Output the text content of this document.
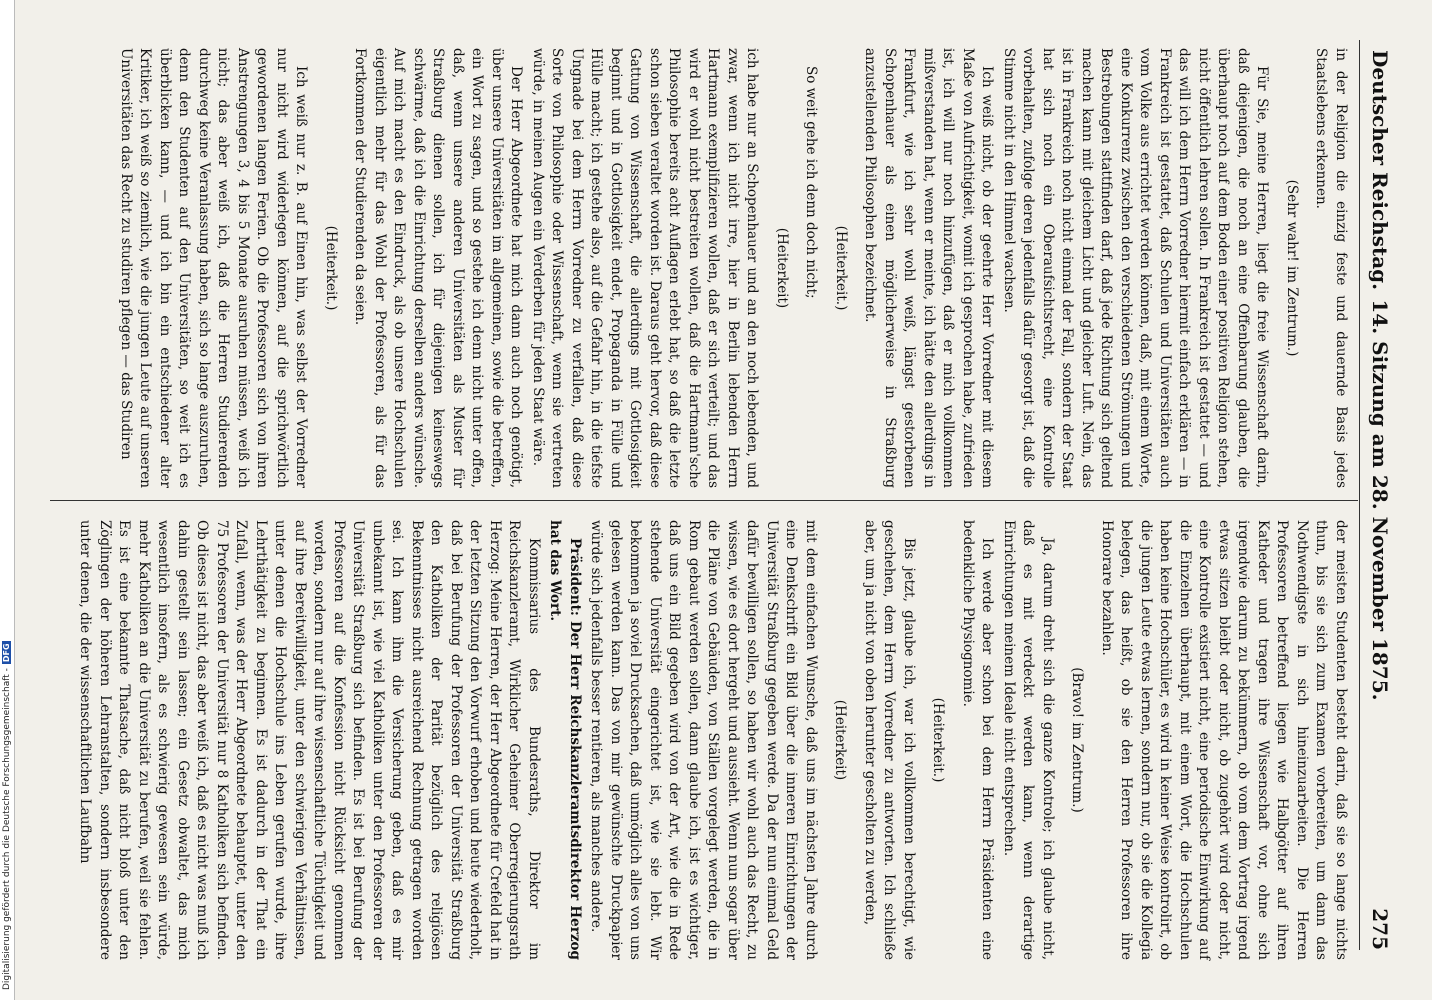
Digitalisierung gefördert durch die Deutsche Forschungsgemeinschaft -DFG
Deutscher Reichstag.
14. Sitzung am 28. November 1875.
275

in der Religion die einzig feste und dauernde Basis jedes Staatslebens erkennen.

(Sehr wahr! im Zentrum.)

Für Sie, meine Herren, liegt die freie Wissenschaft darin, daß diejenigen, die noch an eine Offenbarung glauben, die überhaupt noch auf dem Boden einer positiven Religion stehen, nicht öffentlich lehren sollen. In Frankreich ist gestattet — und das will ich dem Herrn Vorredner hiermit einfach erklären — in Frankreich ist gestattet, daß Schulen und Universitäten auch vom Volke aus errichtet werden können, daß, mit einem Worte, eine Konkurrenz zwischen den verschiedenen Strömungen und Bestrebungen stattfinden darf, daß jede Richtung sich geltend machen kann mit gleichem Licht und gleicher Luft. Nein, das ist in Frankreich noch nicht einmal der Fall, sondern der Staat hat sich noch ein Oberaufsichtsrecht, eine Kontrolle vorbehalten, zufolge deren jedenfalls dafür gesorgt ist, daß die Stimme nicht in den Himmel wachsen.

Ich weiß nicht, ob der geehrte Herr Vorredner mit diesem Maße von Aufrichtigkeit, womit ich gesprochen habe, zufrieden ist, ich will nur noch hinzufügen, daß er mich vollkommen mißverstanden hat, wenn er meinte, ich hätte den allerdings in Frankfurt, wie ich sehr wohl weiß, längst gestorbenen Schopenhauer als einen möglicherweise in Straßburg anzustellenden Philosophen bezeichnet.

(Heiterkeit.)

So weit gehe ich denn doch nicht;

(Heiterkeit)

ich habe nur an Schopenhauer und an den noch lebenden, und zwar, wenn ich nicht irre, hier in Berlin lebenden Herrn Hartmann exemplifizieren wollen, daß er sich verteilt; und das wird er wohl nicht bestreiten wollen, daß die Hartmann'sche Philosophie bereits acht Auflagen erlebt hat, so daß die letzte schon sieben veraltet worden ist. Daraus geht hervor, daß diese Gattung von Wissenschaft, die allerdings mit Gottlosigkeit beginnt und in Gottlosigkeit endet, Propaganda in Fülle und Hülle macht; ich gestehe also, auf die Gefahr hin, in die tiefste Ungnade bei dem Herrn Vorredner zu verfallen, daß diese Sorte von Philosophie oder Wissenschaft, wenn sie vertreten würde, in meinen Augen ein Verderben für jeden Staat wäre.

Der Herr Abgeordnete hat mich dann auch noch genötigt, über unsere Universitäten im allgemeinen, sowie die betreffen, ein Wort zu sagen, und so gestehe ich denn nicht unter offen, daß, wenn unsere anderen Universitäten als Muster für Straßburg dienen sollen, ich für diejenigen keineswegs schwärme, daß ich die Einrichtung derselben anders wünsche. Auf mich macht es den Eindruck, als ob unsere Hochschulen eigentlich mehr für das Wohl der Professoren, als für das Fortkommen der Studierenden da seien.

(Heiterkeit.)

Ich weiß nur z. B. auf Einen hin, was selbst der Vorredner nur nicht wird widerlegen können, auf die sprichwörtlich gewordenen langen Ferien. Ob die Professoren sich von ihren Anstrengungen 3, 4 bis 5 Monate ausruhen müssen, weiß ich nicht; das aber weiß ich, daß die Herren Studierenden durchweg keine Veranlassung haben, sich so lange auszuruhen, denn den Studenten auf den Universitäten, so weit ich es überblicken kann, — und ich bin ein entschiedener alter Kritiker, ich weiß so ziemlich, wie die jungen Leute auf unseren Universitäten das Recht zu studiren pflegen — das Studiren

der meisten Studenten besteht darin, daß sie so lange nichts thun, bis sie sich zum Examen vorbereiten, um dann das Nothwendigste in sich hineinzuarbeiten. Die Herren Professoren betreffend liegen wie Halbgötter auf ihren Katheder und tragen ihre Wissenschaft vor, ohne sich irgendwie darum zu bekümmern, ob vom dem Vortrag irgend etwas sitzen bleibt oder nicht, ob zugehört wird oder nicht, eine Kontrolle existiert nicht, eine periodische Einwirkung auf die Einzelnen überhaupt, mit einem Wort, die Hochschulen haben keine Hochschüler, es wird in keiner Weise kontrolirt, ob die jungen Leute etwas lernen, sondern nur, ob sie die Kollegia belegen, das heißt, ob sie den Herren Professoren ihre Honorare bezahlen.

(Bravo! im Zentrum.)

Ja, darum dreht sich die ganze Kontrole; ich glaube nicht, daß es mit verdeckt werden kann, wenn derartige Einrichtungen meinem Ideale nicht entsprechen.

Ich werde aber schon bei dem Herrn Präsidenten eine bedenkliche Physiognomie.

(Heiterkeit.)

Bis jetzt, glaube ich, war ich vollkommen berechtigt, wie geschehen, dem Herrn Vorredner zu antworten. Ich schließe aber, um ja nicht von oben herunter gescholten zu werden,

(Heiterkeit)

mit dem einfachen Wunsche, daß uns im nächsten Jahre durch eine Denkschrift ein Bild über die inneren Einrichtungen der Universität Straßburg gegeben werde. Da der nun einmal Geld dafür bewilligen sollen, so haben wir wohl auch das Recht, zu wissen, wie es dort hergeht und aussieht. Wenn nun sogar über die Pläne von Gebäuden, von Ställen vorgelegt werden, die in Rom gebaut werden sollen, dann glaube ich, ist es wichtiger, daß uns ein Bild gegeben wird von der Art, wie die in Rede stehende Universität eingerichtet ist, wie sie lebt. Wir bekommen ja soviel Drucksachen, daß unmöglich alles von uns gelesen werden kann. Das von mir gewünschte Druckpapier würde sich jedenfalls besser rentieren, als manches andere.

Präsident: Der Herr Reichskanzleramtsdirektor Herzog hat das Wort.

Kommissarius des Bundesraths, Direktor im Reichskanzleramt, Wirklicher Geheimer Oberregierungsrath Herzog: Meine Herren, der Herr Abgeordnete für Crefeld hat in der letzten Sitzung den Vorwurf erhoben und heute wiederholt, daß bei Berufung der Professoren der Universität Straßburg den Katholiken der Parität bezüglich des religiösen Bekenntnisses nicht ausreichend Rechnung getragen worden sei. Ich kann ihm die Versicherung geben, daß es mir unbekannt ist, wie viel Katholiken unter den Professoren der Universität Straßburg sich befinden. Es ist bei Berufung der Professoren auf die Konfession nicht Rücksicht genommen worden, sondern nur auf ihre wissenschaftliche Tüchtigkeit und auf ihre Bereitwilligkeit, unter den schwierigen Verhältnissen, unter denen die Hochschule ins Leben gerufen wurde, ihre Lehrthätigkeit zu beginnen. Es ist dadurch in der That ein Zufall, wenn, was der Herr Abgeordnete behauptet, unter den 75 Professoren der Universität nur 8 Katholiken sich befinden. Ob dieses ist nicht, das aber weiß ich, daß es nicht was muß ich dahin gestellt sein lassen; ein Gesetz obwaltet, das mich wesentlich insofern, als es schwierig gewesen sein würde, mehr Katholiken an die Universität zu berufen, weil sie fehlen. Es ist eine bekannte Thatsache, daß nicht bloß unter den Zöglingen der höheren Lehranstalten, sondern insbesondere unter denen, die der wissenschaftlichen Laufbahn
